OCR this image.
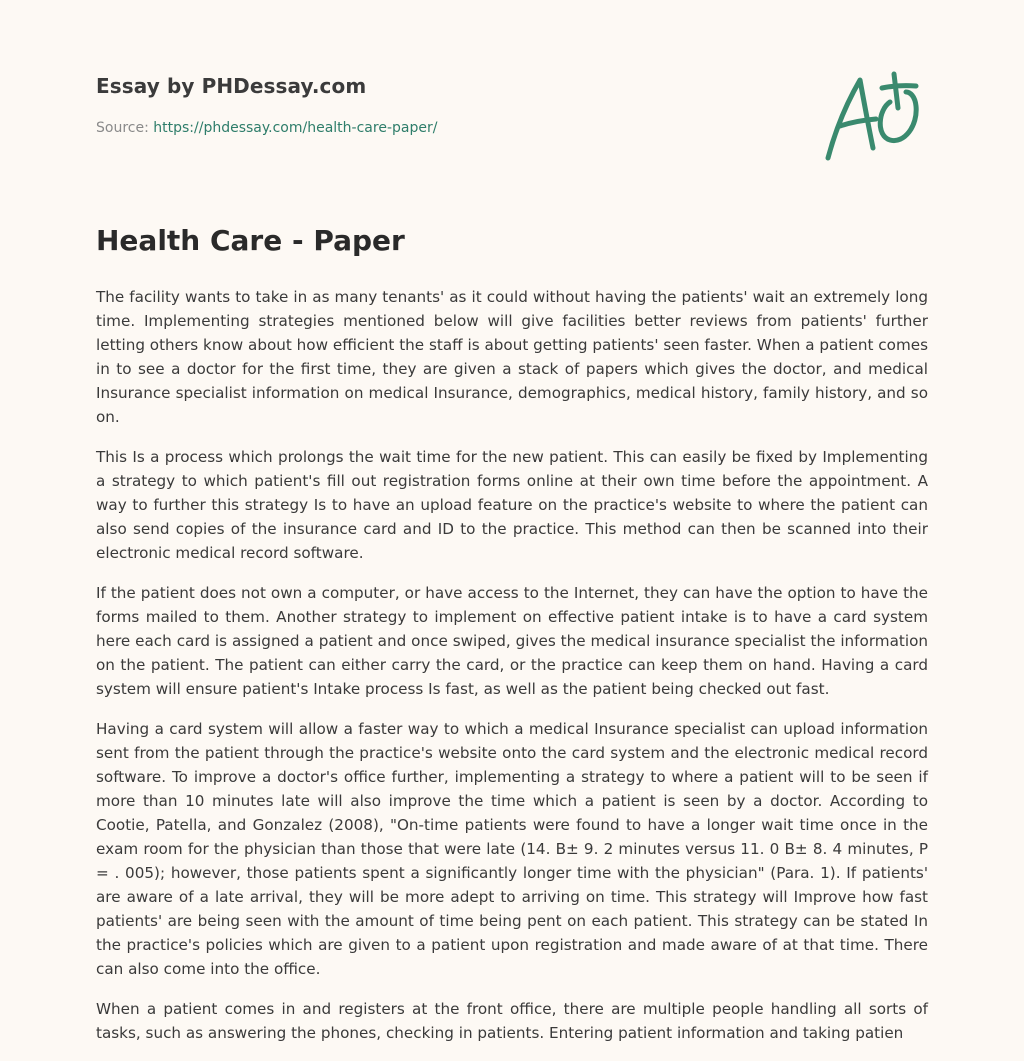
Essay by PHDessay.com
Source: https://phdessay.com/health-care-paper/
Health Care - Paper

The facility wants to take in as many tenants' as it could without having the patients' wait an extremely long time. Implementing strategies mentioned below will give facilities better reviews from patients' further letting others know about how efficient the staff is about getting patients' seen faster. When a patient comes in to see a doctor for the first time, they are given a stack of papers which gives the doctor, and medical Insurance specialist information on medical Insurance, demographics, medical history, family history, and so on.

This Is a process which prolongs the wait time for the new patient. This can easily be fixed by Implementing a strategy to which patient's fill out registration forms online at their own time before the appointment. A way to further this strategy Is to have an upload feature on the practice's website to where the patient can also send copies of the insurance card and ID to the practice. This method can then be scanned into their electronic medical record software.

If the patient does not own a computer, or have access to the Internet, they can have the option to have the forms mailed to them. Another strategy to implement on effective patient intake is to have a card system here each card is assigned a patient and once swiped, gives the medical insurance specialist the information on the patient. The patient can either carry the card, or the practice can keep them on hand. Having a card system will ensure patient's Intake process Is fast, as well as the patient being checked out fast.

Having a card system will allow a faster way to which a medical Insurance specialist can upload information sent from the patient through the practice's website onto the card system and the electronic medical record software. To improve a doctor's office further, implementing a strategy to where a patient will to be seen if more than 10 minutes late will also improve the time which a patient is seen by a doctor. According to Cootie, Patella, and Gonzalez (2008), "On-time patients were found to have a longer wait time once in the exam room for the physician than those that were late (14. B± 9. 2 minutes versus 11. 0 B± 8. 4 minutes, P = . 005); however, those patients spent a significantly longer time with the physician" (Para. 1). If patients' are aware of a late arrival, they will be more adept to arriving on time. This strategy will Improve how fast patients' are being seen with the amount of time being pent on each patient. This strategy can be stated In the practice's policies which are given to a patient upon registration and made aware of at that time. There can also come into the office.

When a patient comes in and registers at the front office, there are multiple people handling all sorts of tasks, such as answering the phones, checking in patients. Entering patient information and taking patien
